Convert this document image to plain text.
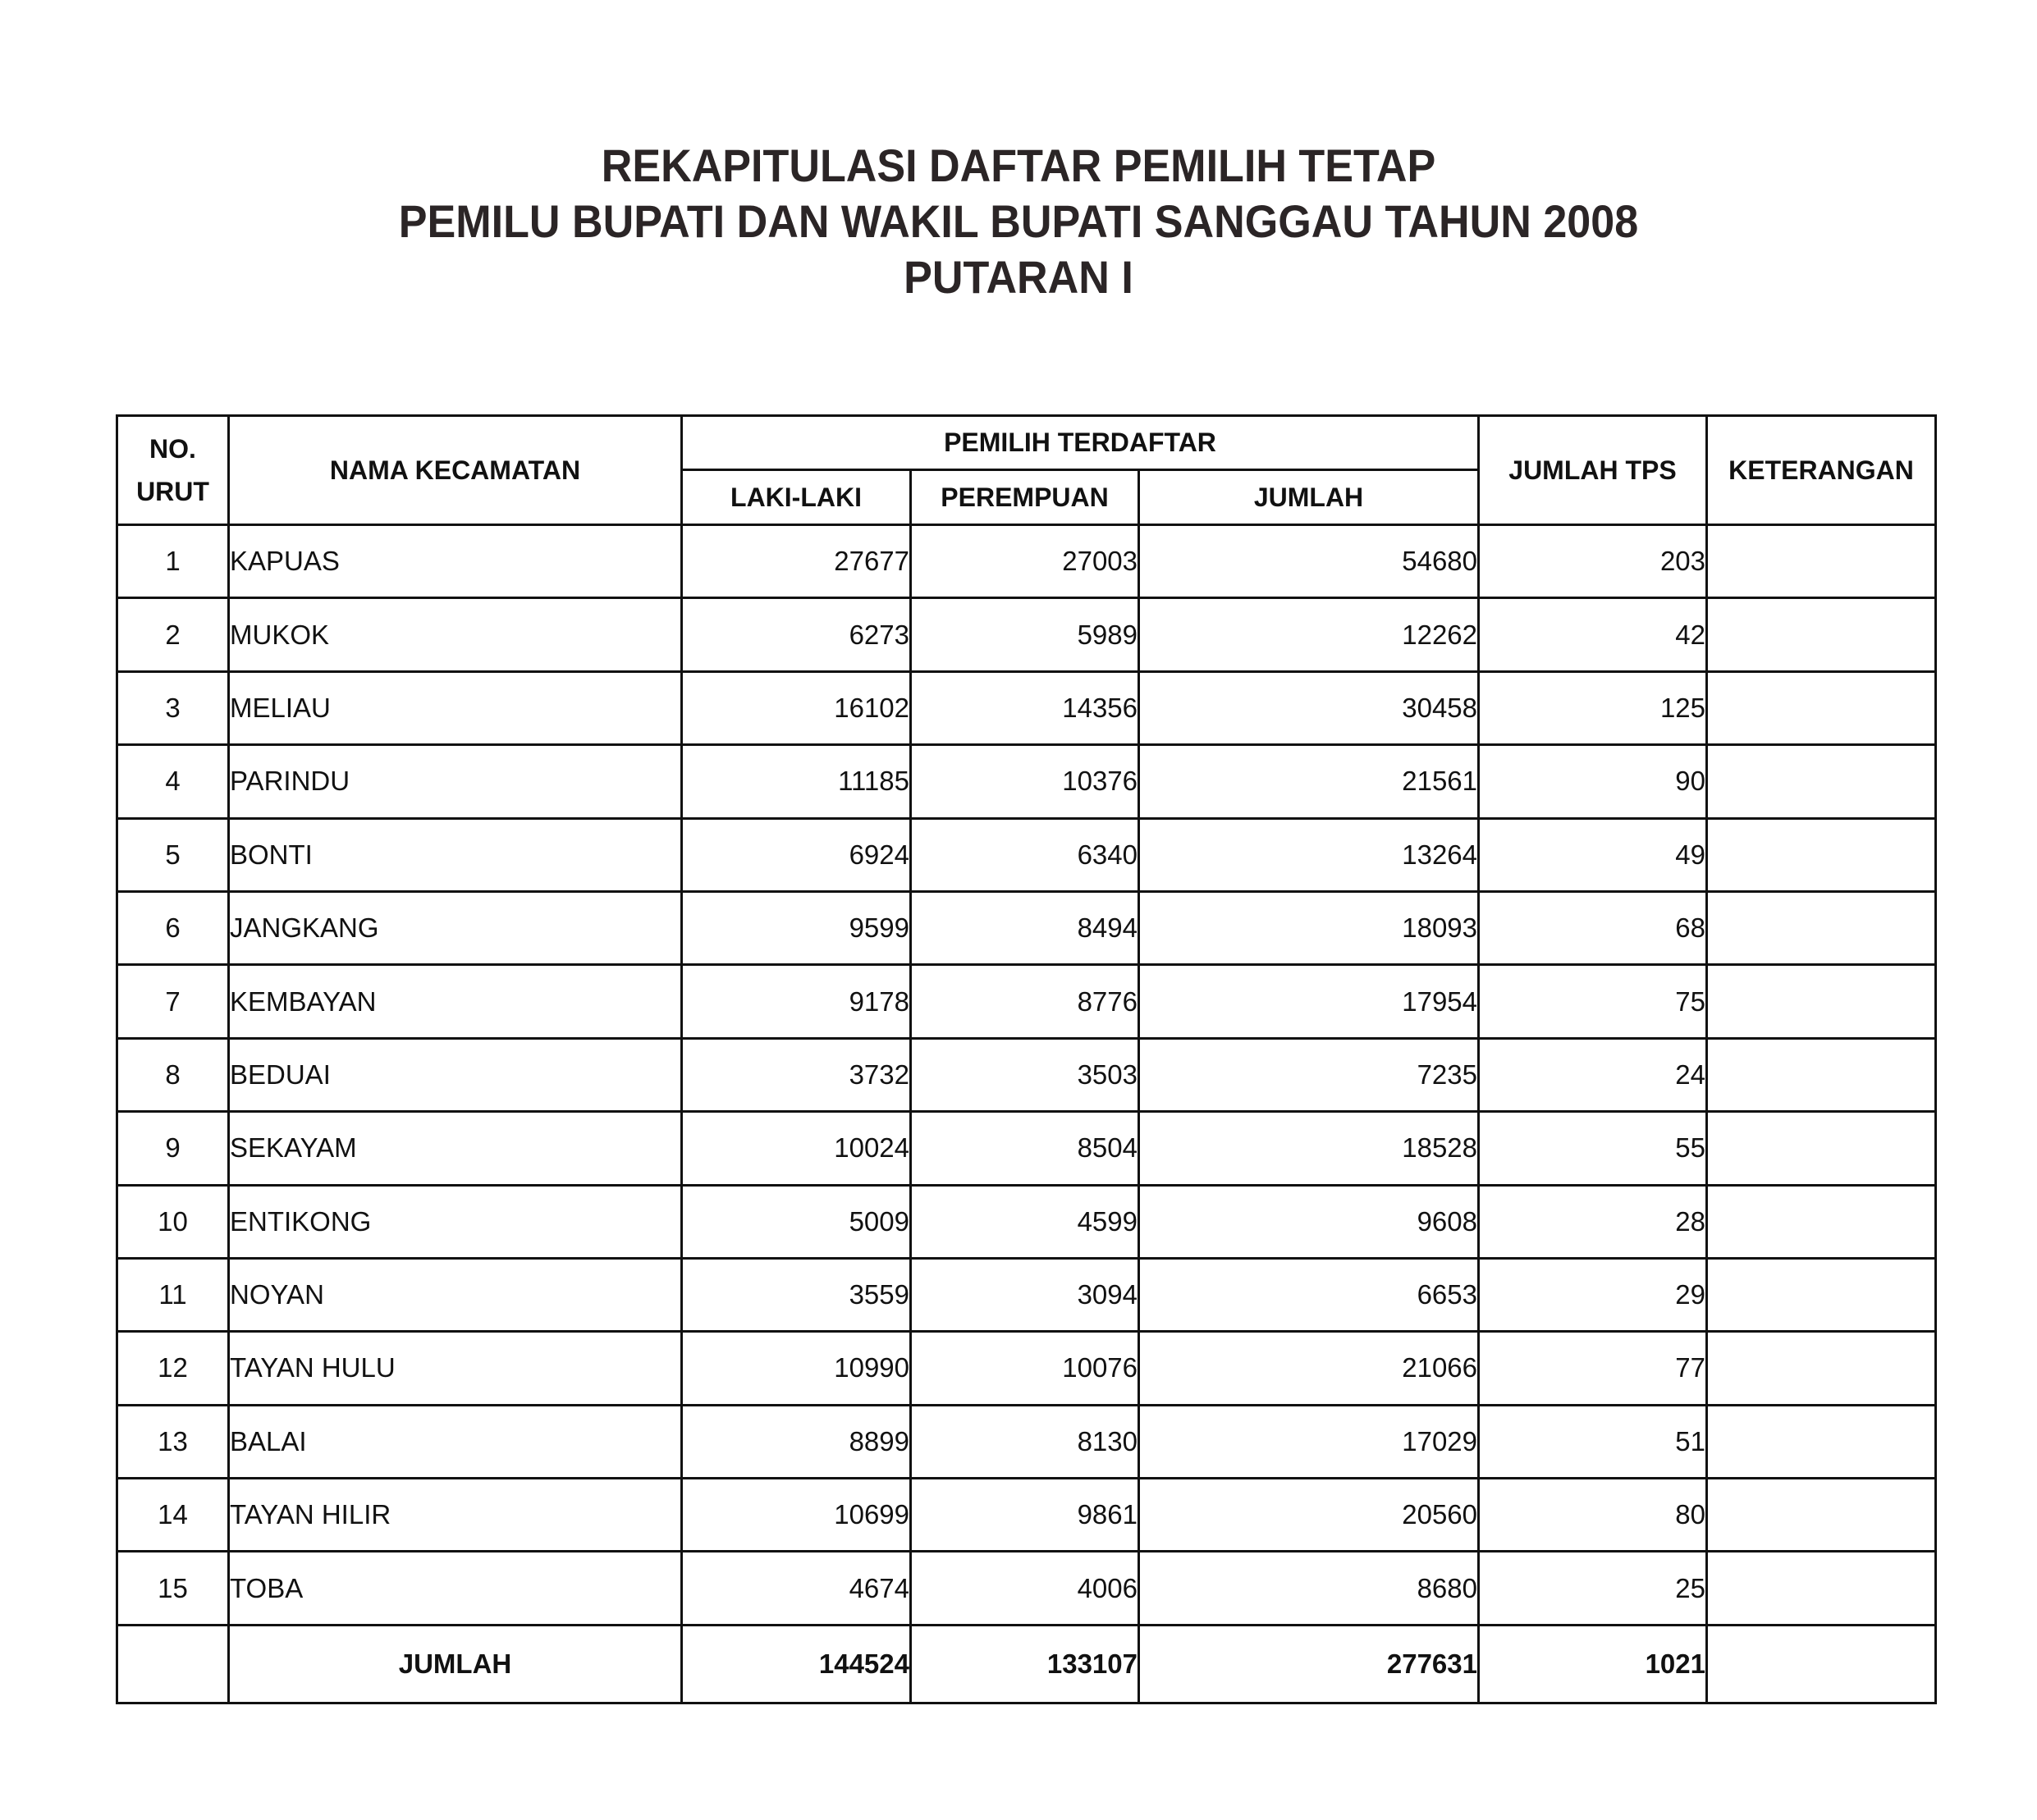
REKAPITULASI DAFTAR PEMILIH TETAP
PEMILU BUPATI DAN WAKIL BUPATI SANGGAU TAHUN 2008
PUTARAN I
NO.
URUT	NAMA KECAMATAN	PEMILIH TERDAFTAR			JUMLAH TPS	KETERANGAN
		LAKI-LAKI	PEREMPUAN	JUMLAH		
1	KAPUAS	27677	27003	54680	203	
2	MUKOK	6273	5989	12262	42	
3	MELIAU	16102	14356	30458	125	
4	PARINDU	11185	10376	21561	90	
5	BONTI	6924	6340	13264	49	
6	JANGKANG	9599	8494	18093	68	
7	KEMBAYAN	9178	8776	17954	75	
8	BEDUAI	3732	3503	7235	24	
9	SEKAYAM	10024	8504	18528	55	
10	ENTIKONG	5009	4599	9608	28	
11	NOYAN	3559	3094	6653	29	
12	TAYAN HULU	10990	10076	21066	77	
13	BALAI	8899	8130	17029	51	
14	TAYAN HILIR	10699	9861	20560	80	
15	TOBA	4674	4006	8680	25	
	JUMLAH	144524	133107	277631	1021	
